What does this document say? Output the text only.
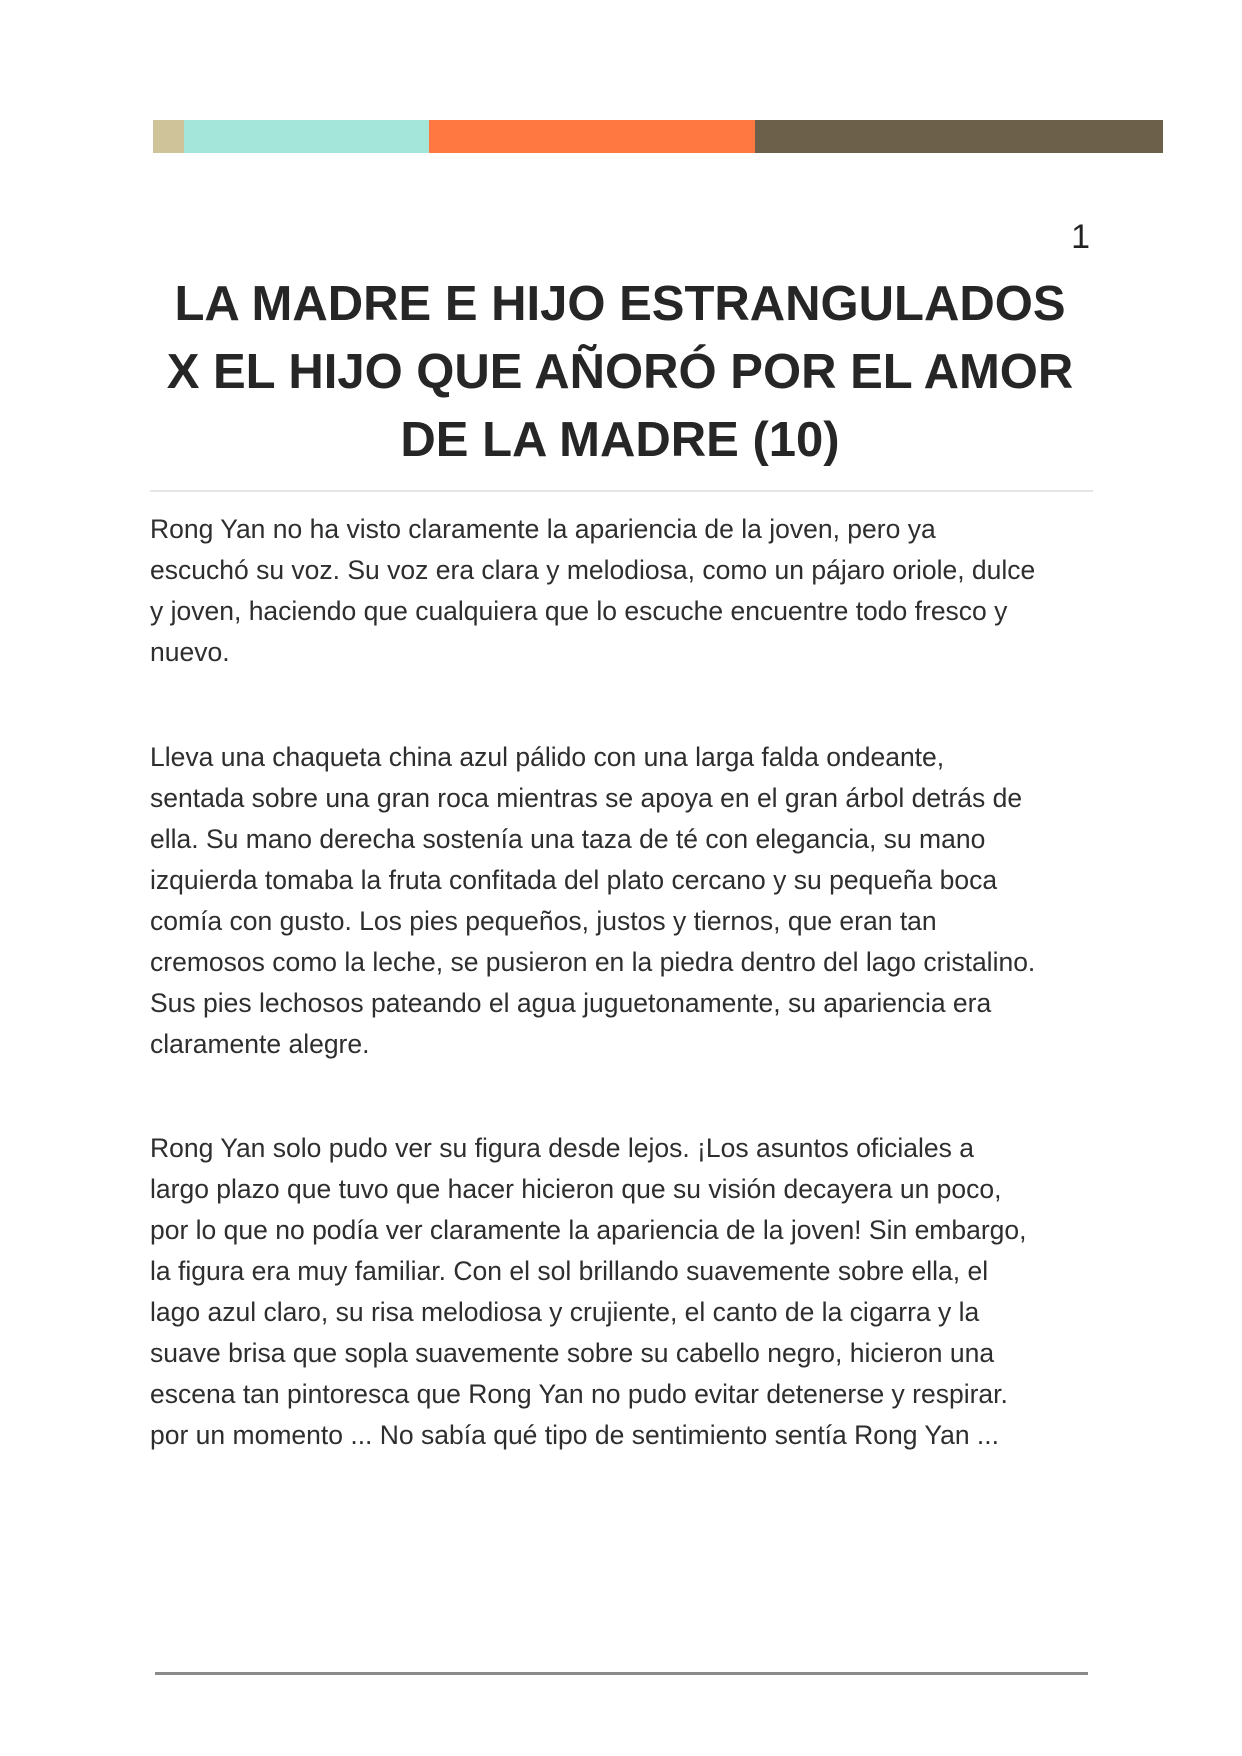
1
LA MADRE E HIJO ESTRANGULADOS
X EL HIJO QUE AÑORÓ POR EL AMOR
DE LA MADRE (10)

Rong Yan no ha visto claramente la apariencia de la joven, pero ya

escuchó su voz. Su voz era clara y melodiosa, como un pájaro oriole, dulce

y joven, haciendo que cualquiera que lo escuche encuentre todo fresco y

nuevo.

Lleva una chaqueta china azul pálido con una larga falda ondeante,

sentada sobre una gran roca mientras se apoya en el gran árbol detrás de

ella. Su mano derecha sostenía una taza de té con elegancia, su mano

izquierda tomaba la fruta confitada del plato cercano y su pequeña boca

comía con gusto. Los pies pequeños, justos y tiernos, que eran tan

cremosos como la leche, se pusieron en la piedra dentro del lago cristalino.

Sus pies lechosos pateando el agua juguetonamente, su apariencia era

claramente alegre.

Rong Yan solo pudo ver su figura desde lejos. ¡Los asuntos oficiales a

largo plazo que tuvo que hacer hicieron que su visión decayera un poco,

por lo que no podía ver claramente la apariencia de la joven! Sin embargo,

la figura era muy familiar. Con el sol brillando suavemente sobre ella, el

lago azul claro, su risa melodiosa y crujiente, el canto de la cigarra y la

suave brisa que sopla suavemente sobre su cabello negro, hicieron una

escena tan pintoresca que Rong Yan no pudo evitar detenerse y respirar.

por un momento ... No sabía qué tipo de sentimiento sentía Rong Yan ...
